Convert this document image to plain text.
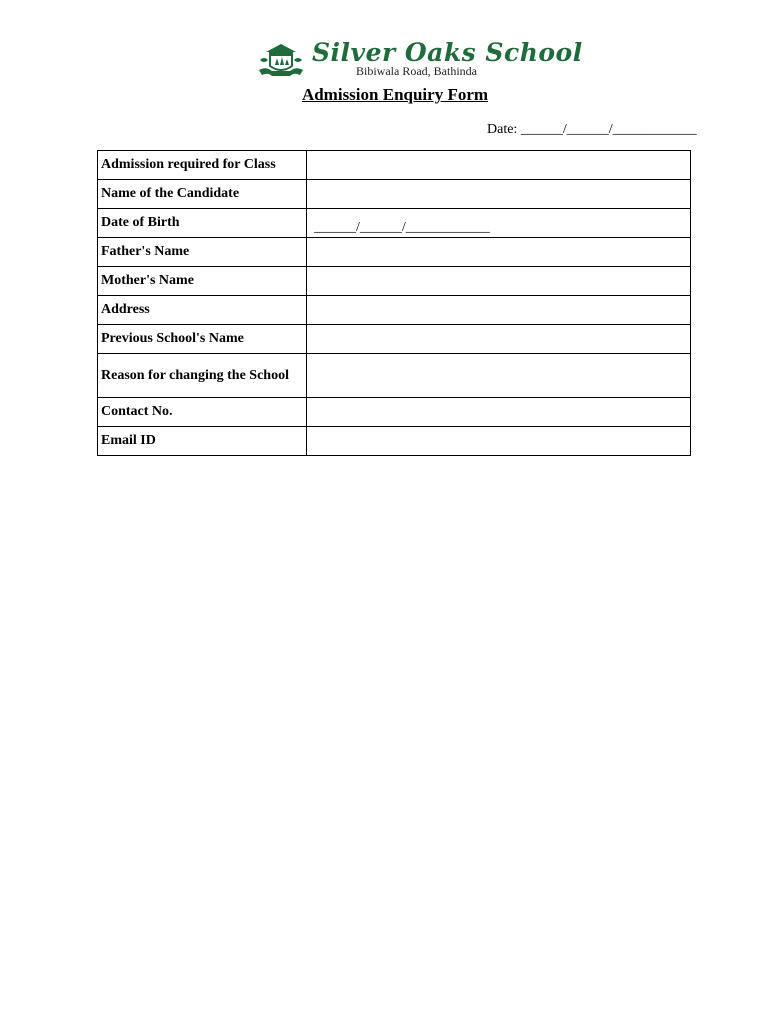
Silver Oaks School
Bibiwala Road, Bathinda
Admission Enquiry Form
Date: ______/______/____________
Admission required for Class	
Name of the Candidate	
Date of Birth	______/______/____________
Father's Name	
Mother's Name	
Address	
Previous School's Name	
Reason for changing the School	
Contact No.	
Email ID	
